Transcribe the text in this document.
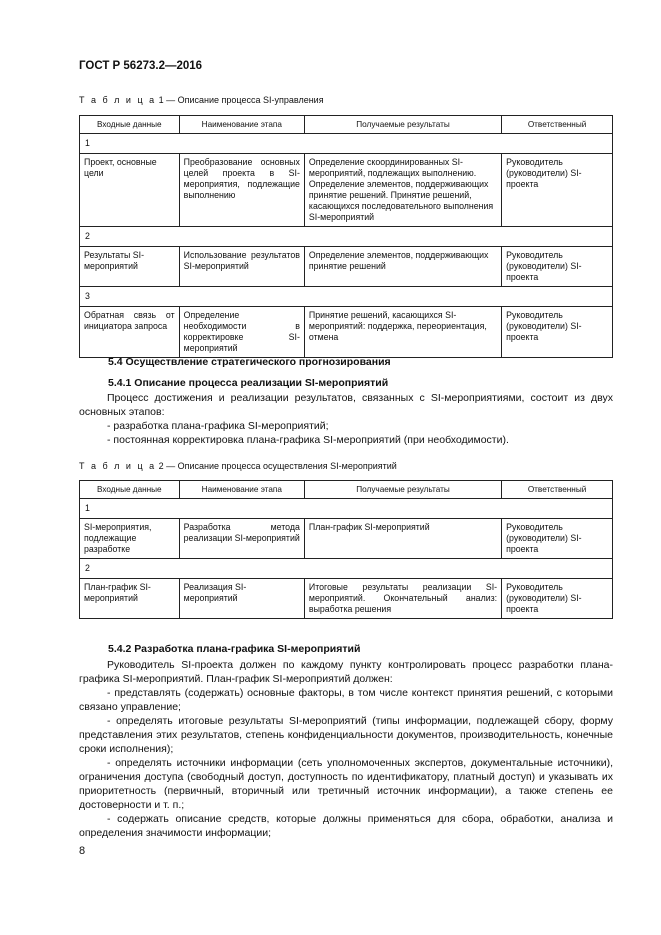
ГОСТ Р 56273.2—2016
Т а б л и ц а 1 — Описание процесса SI-управления
Входные данные	Наименование этапа	Получаемые результаты	Ответственный
1			
Проект, основные цели	Преобразование основных целей проекта в SI-мероприятия, подлежащие выполнению	Определение скоординированных SI-мероприятий, подлежащих выполнению. Определение элементов, поддерживающих принятие решений. Принятие решений, касающихся последовательного выполнения SI-мероприятий	Руководитель (руководители) SI-проекта
2			
Результаты SI-мероприятий	Использование результатов SI-мероприятий	Определение элементов, поддерживающих принятие решений	Руководитель (руководители) SI-проекта
3			
Обратная связь от инициатора запроса	Определение необходимости в корректировке SI-мероприятий	Принятие решений, касающихся SI-мероприятий: поддержка, переориентация, отмена	Руководитель (руководители) SI-проекта
5.4 Осуществление стратегического прогнозирования
5.4.1 Описание процесса реализации SI-мероприятий

Процесс достижения и реализации результатов, связанных с SI-мероприятиями, состоит из двух основных этапов:

- разработка плана-графика SI-мероприятий;

- постоянная корректировка плана-графика SI-мероприятий (при необходимости).

Т а б л и ц а 2 — Описание процесса осуществления SI-мероприятий
Входные данные	Наименование этапа	Получаемые результаты	Ответственный
1			
SI-мероприятия, подлежащие разработке	Разработка метода реализации SI-мероприятий	План-график SI-мероприятий	Руководитель (руководители) SI-проекта
2			
План-график SI-мероприятий	Реализация SI-мероприятий	Итоговые результаты реализации SI-мероприятий. Окончательный анализ: выработка решения	Руководитель (руководители) SI-проекта
5.4.2 Разработка плана-графика SI-мероприятий

Руководитель SI-проекта должен по каждому пункту контролировать процесс разработки плана-графика SI-мероприятий. План-график SI-мероприятий должен:

- представлять (содержать) основные факторы, в том числе контекст принятия решений, с которыми связано управление;

- определять итоговые результаты SI-мероприятий (типы информации, подлежащей сбору, форму представления этих результатов, степень конфиденциальности документов, производительность, конечные сроки исполнения);

- определять источники информации (сеть уполномоченных экспертов, документальные источники), ограничения доступа (свободный доступ, доступность по идентификатору, платный доступ) и указывать их приоритетность (первичный, вторичный или третичный источник информации), а также степень ее достоверности и т. п.;

- содержать описание средств, которые должны применяться для сбора, обработки, анализа и определения значимости информации;

8
